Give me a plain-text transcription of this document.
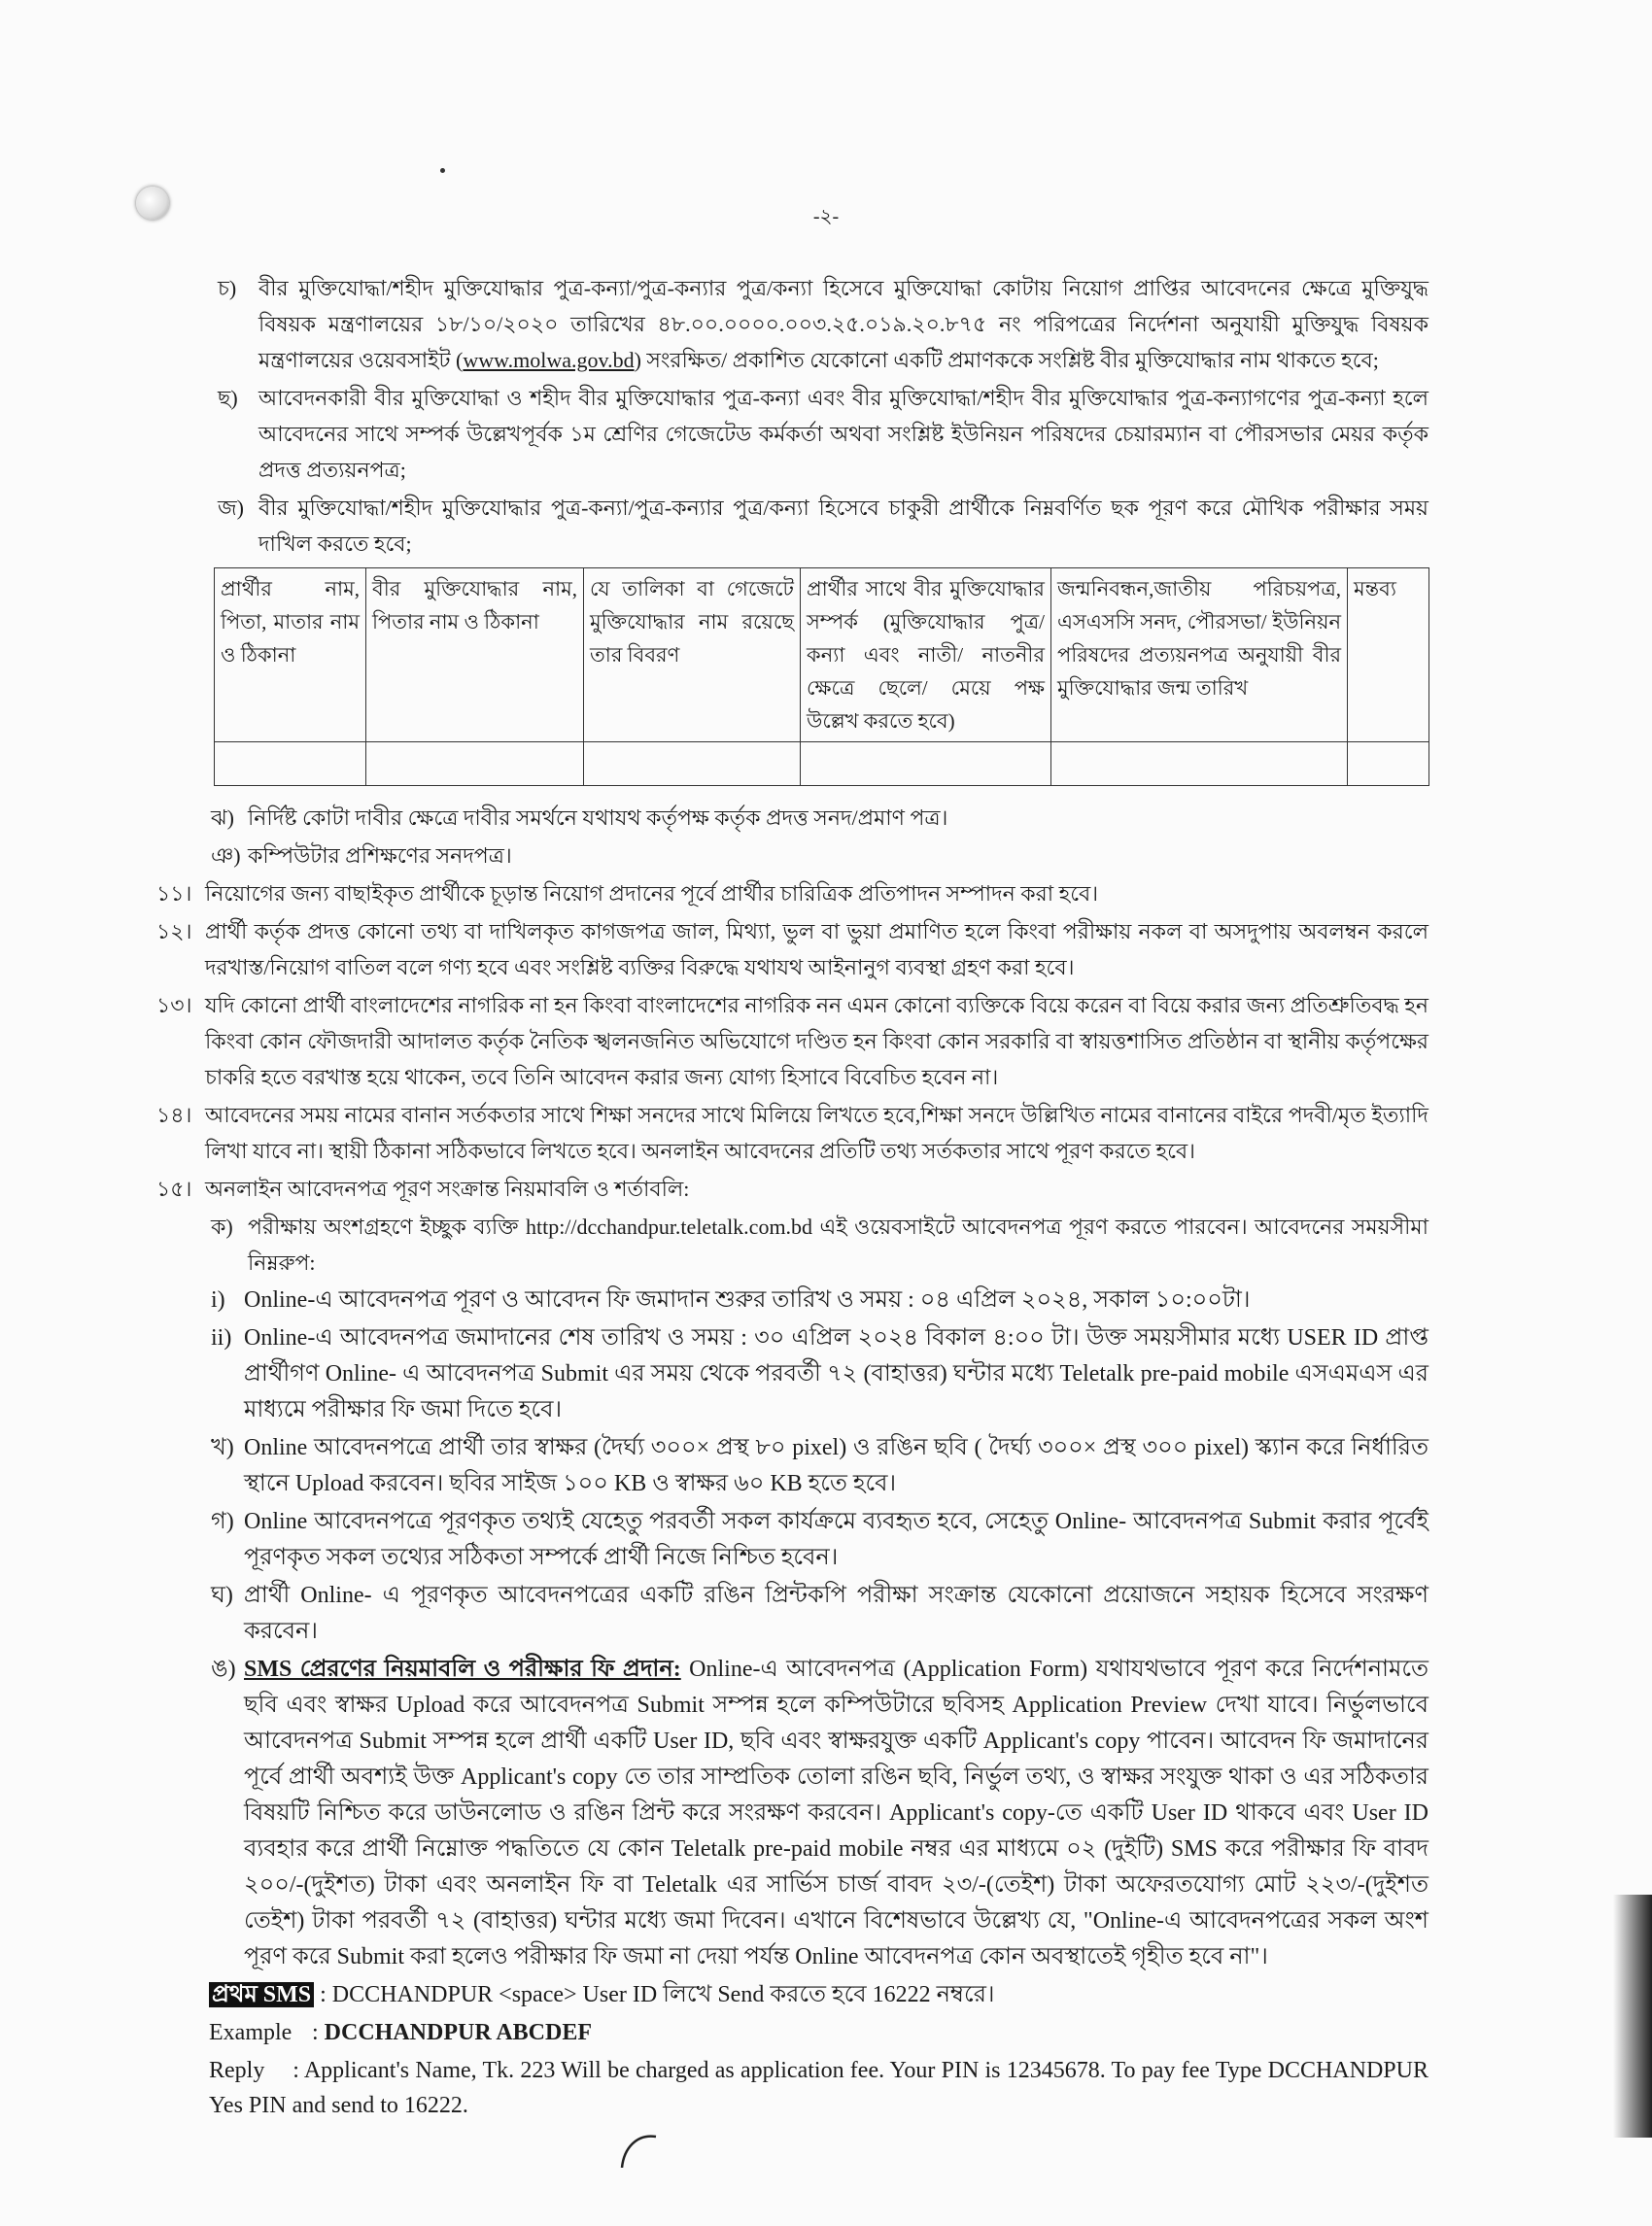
-২-
চ) বীর মুক্তিযোদ্ধা/শহীদ মুক্তিযোদ্ধার পুত্র-কন্যা/পুত্র-কন্যার পুত্র/কন্যা হিসেবে মুক্তিযোদ্ধা কোটায় নিয়োগ প্রাপ্তির আবেদনের ক্ষেত্রে মুক্তিযুদ্ধ বিষয়ক মন্ত্রণালয়ের ১৮/১০/২০২০ তারিখের ৪৮.০০.০০০০.০০৩.২৫.০১৯.২০.৮৭৫ নং পরিপত্রের নির্দেশনা অনুযায়ী মুক্তিযুদ্ধ বিষয়ক মন্ত্রণালয়ের ওয়েবসাইট (www.molwa.gov.bd) সংরক্ষিত/ প্রকাশিত যেকোনো একটি প্রমাণককে সংশ্লিষ্ট বীর মুক্তিযোদ্ধার নাম থাকতে হবে;
ছ) আবেদনকারী বীর মুক্তিযোদ্ধা ও শহীদ বীর মুক্তিযোদ্ধার পুত্র-কন্যা এবং বীর মুক্তিযোদ্ধা/শহীদ বীর মুক্তিযোদ্ধার পুত্র-কন্যাগণের পুত্র-কন্যা হলে আবেদনের সাথে সম্পর্ক উল্লেখপূর্বক ১ম শ্রেণির গেজেটেড কর্মকর্তা অথবা সংশ্লিষ্ট ইউনিয়ন পরিষদের চেয়ারম্যান বা পৌরসভার মেয়র কর্তৃক প্রদত্ত প্রত্যয়নপত্র;
জ) বীর মুক্তিযোদ্ধা/শহীদ মুক্তিযোদ্ধার পুত্র-কন্যা/পুত্র-কন্যার পুত্র/কন্যা হিসেবে চাকুরী প্রার্থীকে নিম্নবর্ণিত ছক পূরণ করে মৌখিক পরীক্ষার সময় দাখিল করতে হবে;
প্রার্থীর নাম, পিতা, মাতার নাম ও ঠিকানা	বীর মুক্তিযোদ্ধার নাম, পিতার নাম ও ঠিকানা	যে তালিকা বা গেজেটে মুক্তিযোদ্ধার নাম রয়েছে তার বিবরণ	প্রার্থীর সাথে বীর মুক্তিযোদ্ধার সম্পর্ক (মুক্তিযোদ্ধার পুত্র/ কন্যা এবং নাতী/ নাতনীর ক্ষেত্রে ছেলে/ মেয়ে পক্ষ উল্লেখ করতে হবে)	জন্মনিবন্ধন,জাতীয় পরিচয়পত্র, এসএসসি সনদ, পৌরসভা/ ইউনিয়ন পরিষদের প্রত্যয়নপত্র অনুযায়ী বীর মুক্তিযোদ্ধার জন্ম তারিখ	মন্তব্য

ঝ) নির্দিষ্ট কোটা দাবীর ক্ষেত্রে দাবীর সমর্থনে যথাযথ কর্তৃপক্ষ কর্তৃক প্রদত্ত সনদ/প্রমাণ পত্র।
ঞ) কম্পিউটার প্রশিক্ষণের সনদপত্র।
১১। নিয়োগের জন্য বাছাইকৃত প্রার্থীকে চূড়ান্ত নিয়োগ প্রদানের পূর্বে প্রার্থীর চারিত্রিক প্রতিপাদন সম্পাদন করা হবে।
১২। প্রার্থী কর্তৃক প্রদত্ত কোনো তথ্য বা দাখিলকৃত কাগজপত্র জাল, মিথ্যা, ভুল বা ভুয়া প্রমাণিত হলে কিংবা পরীক্ষায় নকল বা অসদুপায় অবলম্বন করলে দরখাস্ত/নিয়োগ বাতিল বলে গণ্য হবে এবং সংশ্লিষ্ট ব্যক্তির বিরুদ্ধে যথাযথ আইনানুগ ব্যবস্থা গ্রহণ করা হবে।
১৩। যদি কোনো প্রার্থী বাংলাদেশের নাগরিক না হন কিংবা বাংলাদেশের নাগরিক নন এমন কোনো ব্যক্তিকে বিয়ে করেন বা বিয়ে করার জন্য প্রতিশ্রুতিবদ্ধ হন কিংবা কোন ফৌজদারী আদালত কর্তৃক নৈতিক স্খলনজনিত অভিযোগে দণ্ডিত হন কিংবা কোন সরকারি বা স্বায়ত্তশাসিত প্রতিষ্ঠান বা স্থানীয় কর্তৃপক্ষের চাকরি হতে বরখাস্ত হয়ে থাকেন, তবে তিনি আবেদন করার জন্য যোগ্য হিসাবে বিবেচিত হবেন না।
১৪। আবেদনের সময় নামের বানান সর্তকতার সাথে শিক্ষা সনদের সাথে মিলিয়ে লিখতে হবে,শিক্ষা সনদে উল্লিখিত নামের বানানের বাইরে পদবী/মৃত ইত্যাদি লিখা যাবে না। স্থায়ী ঠিকানা সঠিকভাবে লিখতে হবে। অনলাইন আবেদনের প্রতিটি তথ্য সর্তকতার সাথে পূরণ করতে হবে।
১৫। অনলাইন আবেদনপত্র পূরণ সংক্রান্ত নিয়মাবলি ও শর্তাবলি:
ক) পরীক্ষায় অংশগ্রহণে ইচ্ছুক ব্যক্তি http://dcchandpur.teletalk.com.bd এই ওয়েবসাইটে আবেদনপত্র পূরণ করতে পারবেন। আবেদনের সময়সীমা নিম্নরুপ:
i) Online-এ আবেদনপত্র পূরণ ও আবেদন ফি জমাদান শুরুর তারিখ ও সময় : ০৪ এপ্রিল ২০২৪, সকাল ১০:০০টা।
ii) Online-এ আবেদনপত্র জমাদানের শেষ তারিখ ও সময় : ৩০ এপ্রিল ২০২৪ বিকাল ৪:০০ টা। উক্ত সময়সীমার মধ্যে USER ID প্রাপ্ত প্রার্থীগণ Online- এ আবেদনপত্র Submit এর সময় থেকে পরবর্তী ৭২ (বাহাত্তর) ঘন্টার মধ্যে Teletalk pre-paid mobile এসএমএস এর মাধ্যমে পরীক্ষার ফি জমা দিতে হবে।
খ) Online আবেদনপত্রে প্রার্থী তার স্বাক্ষর (দৈর্ঘ্য ৩০০× প্রস্থ ৮০ pixel) ও রঙিন ছবি ( দৈর্ঘ্য ৩০০× প্রস্থ ৩০০ pixel) স্ক্যান করে নির্ধারিত স্থানে Upload করবেন। ছবির সাইজ ১০০ KB ও স্বাক্ষর ৬০ KB হতে হবে।
গ) Online আবেদনপত্রে পূরণকৃত তথ্যই যেহেতু পরবর্তী সকল কার্যক্রমে ব্যবহৃত হবে, সেহেতু Online- আবেদনপত্র Submit করার পূর্বেই পূরণকৃত সকল তথ্যের সঠিকতা সম্পর্কে প্রার্থী নিজে নিশ্চিত হবেন।
ঘ) প্রার্থী Online- এ পূরণকৃত আবেদনপত্রের একটি রঙিন প্রিন্টকপি পরীক্ষা সংক্রান্ত যেকোনো প্রয়োজনে সহায়ক হিসেবে সংরক্ষণ করবেন।
ঙ) SMS প্রেরণের নিয়মাবলি ও পরীক্ষার ফি প্রদান: Online-এ আবেদনপত্র (Application Form) যথাযথভাবে পূরণ করে নির্দেশনামতে ছবি এবং স্বাক্ষর Upload করে আবেদনপত্র Submit সম্পন্ন হলে কম্পিউটারে ছবিসহ Application Preview দেখা যাবে। নির্ভুলভাবে আবেদনপত্র Submit সম্পন্ন হলে প্রার্থী একটি User ID, ছবি এবং স্বাক্ষরযুক্ত একটি Applicant's copy পাবেন। আবেদন ফি জমাদানের পূর্বে প্রার্থী অবশ্যই উক্ত Applicant's copy তে তার সাম্প্রতিক তোলা রঙিন ছবি, নির্ভুল তথ্য, ও স্বাক্ষর সংযুক্ত থাকা ও এর সঠিকতার বিষয়টি নিশ্চিত করে ডাউনলোড ও রঙিন প্রিন্ট করে সংরক্ষণ করবেন। Applicant's copy-তে একটি User ID থাকবে এবং User ID ব্যবহার করে প্রার্থী নিম্নোক্ত পদ্ধতিতে যে কোন Teletalk pre-paid mobile নম্বর এর মাধ্যমে ০২ (দুইটি) SMS করে পরীক্ষার ফি বাবদ ২০০/-(দুইশত) টাকা এবং অনলাইন ফি বা Teletalk এর সার্ভিস চার্জ বাবদ ২৩/-(তেইশ) টাকা অফেরতযোগ্য মোট ২২৩/-(দুইশত তেইশ) টাকা পরবর্তী ৭২ (বাহাত্তর) ঘন্টার মধ্যে জমা দিবেন। এখানে বিশেষভাবে উল্লেখ্য যে, "Online-এ আবেদনপত্রের সকল অংশ পূরণ করে Submit করা হলেও পরীক্ষার ফি জমা না দেয়া পর্যন্ত Online আবেদনপত্র কোন অবস্থাতেই গৃহীত হবে না"।
প্রথম SMS : DCCHANDPUR <space> User ID লিখে Send করতে হবে 16222 নম্বরে।
Example : DCCHANDPUR ABCDEF
Reply : Applicant's Name, Tk. 223 Will be charged as application fee. Your PIN is 12345678. To pay fee Type DCCHANDPUR Yes PIN and send to 16222.
